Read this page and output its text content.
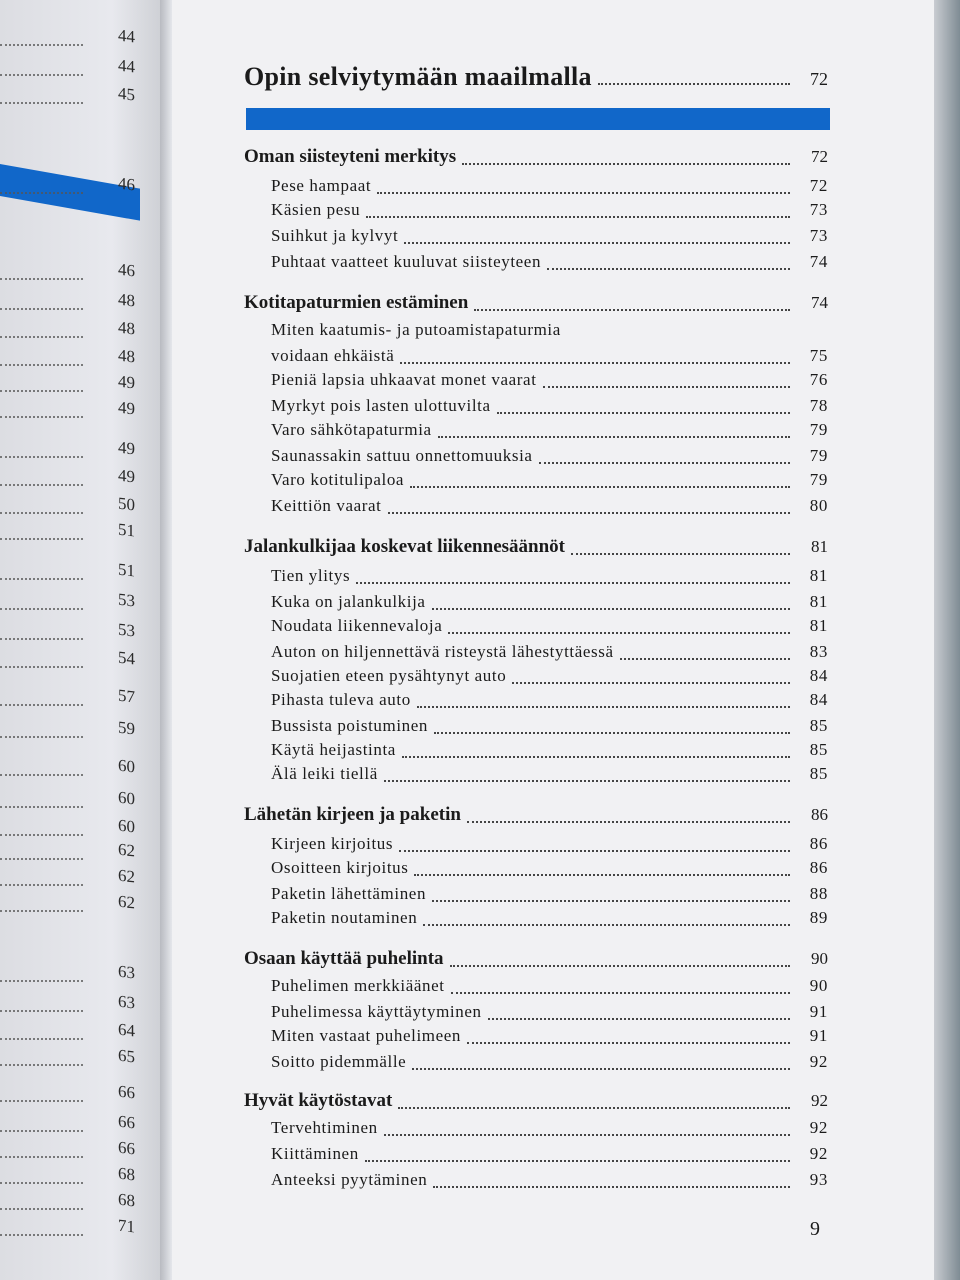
44
44
45
46
46
48
48
48
49
49
49
49
50
51
51
53
53
54
57
59
60
60
60
62
62
62
63
63
64
65
66
66
66
68
68
71
Opin selviytymään maailmalla	72
Oman siisteyteni merkitys	72
Pese hampaat	72
Käsien pesu	73
Suihkut ja kylvyt	73
Puhtaat vaatteet kuuluvat siisteyteen	74
Kotitapaturmien estäminen	74
Miten kaatumis- ja putoamistapaturmia
voidaan ehkäistä	75
Pieniä lapsia uhkaavat monet vaarat	76
Myrkyt pois lasten ulottuvilta	78
Varo sähkötapaturmia	79
Saunassakin sattuu onnettomuuksia	79
Varo kotitulipaloa	79
Keittiön vaarat	80
Jalankulkijaa koskevat liikennesäännöt	81
Tien ylitys	81
Kuka on jalankulkija	81
Noudata liikennevaloja	81
Auton on hiljennettävä risteystä lähestyttäessä	83
Suojatien eteen pysähtynyt auto	84
Pihasta tuleva auto	84
Bussista poistuminen	85
Käytä heijastinta	85
Älä leiki tiellä	85
Lähetän kirjeen ja paketin	86
Kirjeen kirjoitus	86
Osoitteen kirjoitus	86
Paketin lähettäminen	88
Paketin noutaminen	89
Osaan käyttää puhelinta	90
Puhelimen merkkiäänet	90
Puhelimessa käyttäytyminen	91
Miten vastaat puhelimeen	91
Soitto pidemmälle	92
Hyvät käytöstavat	92
Tervehtiminen	92
Kiittäminen	92
Anteeksi pyytäminen	93
9
